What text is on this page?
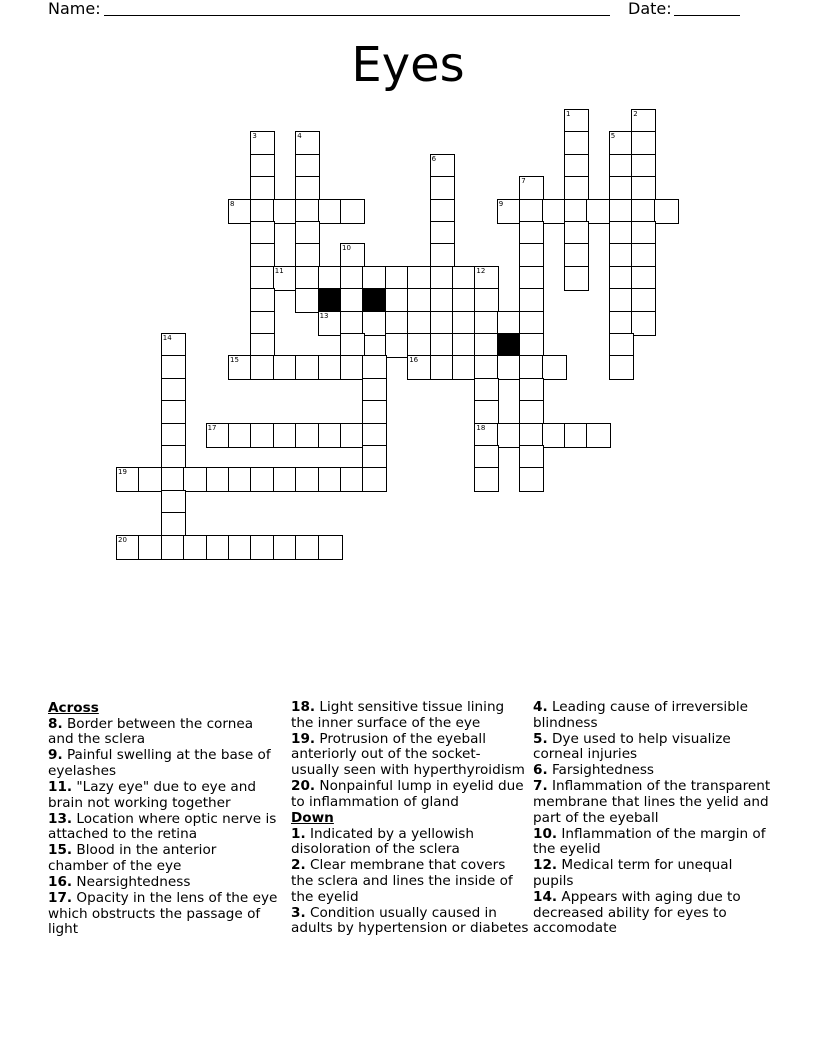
Name:	Date:
Eyes
1	2
3	4	5
6
7
8	9
10
11	12
13
14
15	16
17	18
19
20
Across
8. Border between the cornea and the sclera
9. Painful swelling at the base of eyelashes
11. "Lazy eye" due to eye and brain not working together
13. Location where optic nerve is attached to the retina
15. Blood in the anterior chamber of the eye
16. Nearsightedness
17. Opacity in the lens of the eye which obstructs the passage of light
18. Light sensitive tissue lining the inner surface of the eye
19. Protrusion of the eyeball anteriorly out of the socket- usually seen with hyperthyroidism
20. Nonpainful lump in eyelid due to inflammation of gland
Down
1. Indicated by a yellowish disoloration of the sclera
2. Clear membrane that covers the sclera and lines the inside of the eyelid
3. Condition usually caused in adults by hypertension or diabetes
4. Leading cause of irreversible blindness
5. Dye used to help visualize corneal injuries
6. Farsightedness
7. Inflammation of the transparent membrane that lines the yelid and part of the eyeball
10. Inflammation of the margin of the eyelid
12. Medical term for unequal pupils
14. Appears with aging due to decreased ability for eyes to accomodate
